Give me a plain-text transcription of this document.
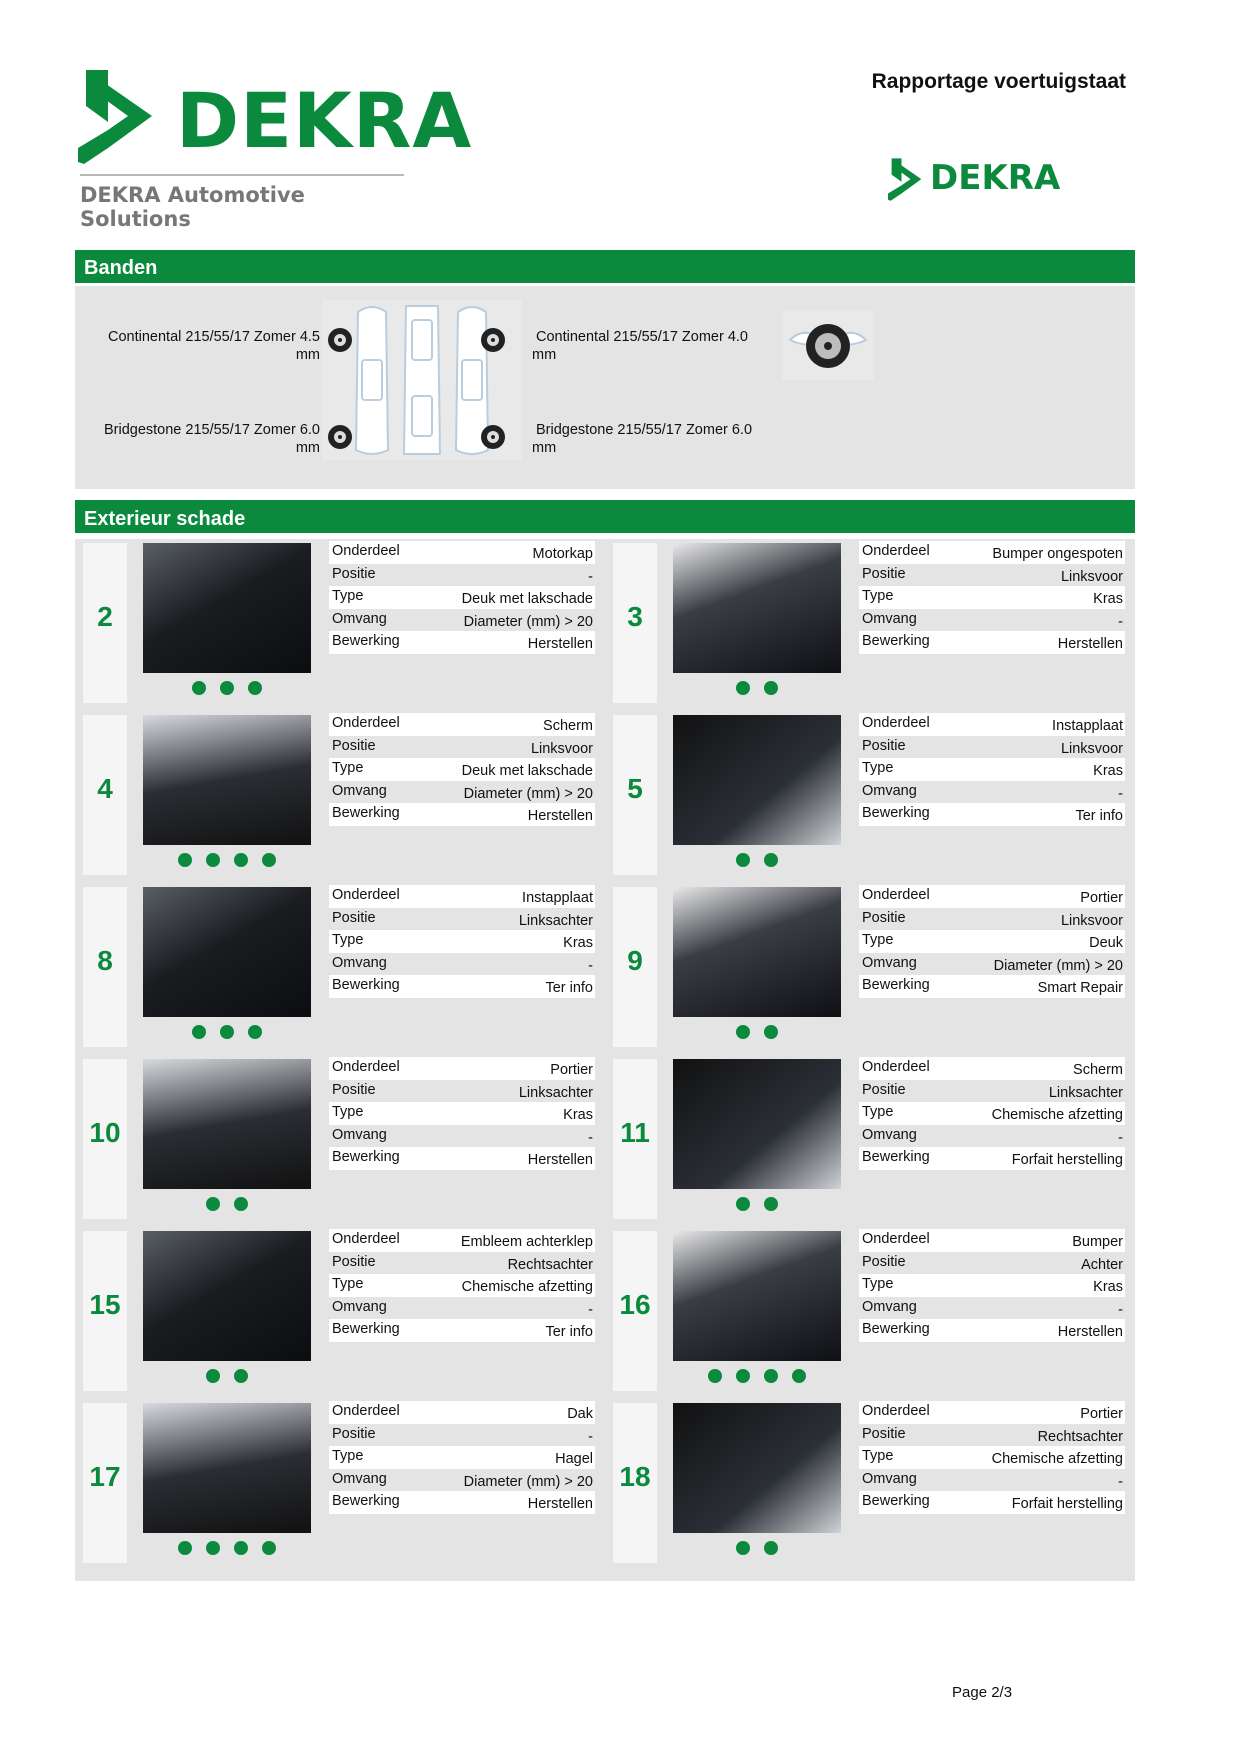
DEKRA
DEKRA Automotive Solutions
Rapportage voertuigstaat
DEKRA
Banden
Continental 215/55/17 Zomer 4.5
mm
Bridgestone 215/55/17 Zomer 6.0
mm
Continental 215/55/17 Zomer 4.0
mm
Bridgestone 215/55/17 Zomer 6.0
mm
Exterieur schade
2
Onderdeel	Motorkap
Positie	-
Type	Deuk met lakschade
Omvang	Diameter (mm) > 20
Bewerking	Herstellen
3
Onderdeel	Bumper ongespoten
Positie	Linksvoor
Type	Kras
Omvang	-
Bewerking	Herstellen
4
Onderdeel	Scherm
Positie	Linksvoor
Type	Deuk met lakschade
Omvang	Diameter (mm) > 20
Bewerking	Herstellen
5
Onderdeel	Instapplaat
Positie	Linksvoor
Type	Kras
Omvang	-
Bewerking	Ter info
8
Onderdeel	Instapplaat
Positie	Linksachter
Type	Kras
Omvang	-
Bewerking	Ter info
9
Onderdeel	Portier
Positie	Linksvoor
Type	Deuk
Omvang	Diameter (mm) > 20
Bewerking	Smart Repair
10
Onderdeel	Portier
Positie	Linksachter
Type	Kras
Omvang	-
Bewerking	Herstellen
11
Onderdeel	Scherm
Positie	Linksachter
Type	Chemische afzetting
Omvang	-
Bewerking	Forfait herstelling
15
Onderdeel	Embleem achterklep
Positie	Rechtsachter
Type	Chemische afzetting
Omvang	-
Bewerking	Ter info
16
Onderdeel	Bumper
Positie	Achter
Type	Kras
Omvang	-
Bewerking	Herstellen
17
Onderdeel	Dak
Positie	-
Type	Hagel
Omvang	Diameter (mm) > 20
Bewerking	Herstellen
18
Onderdeel	Portier
Positie	Rechtsachter
Type	Chemische afzetting
Omvang	-
Bewerking	Forfait herstelling
Page 2/3
